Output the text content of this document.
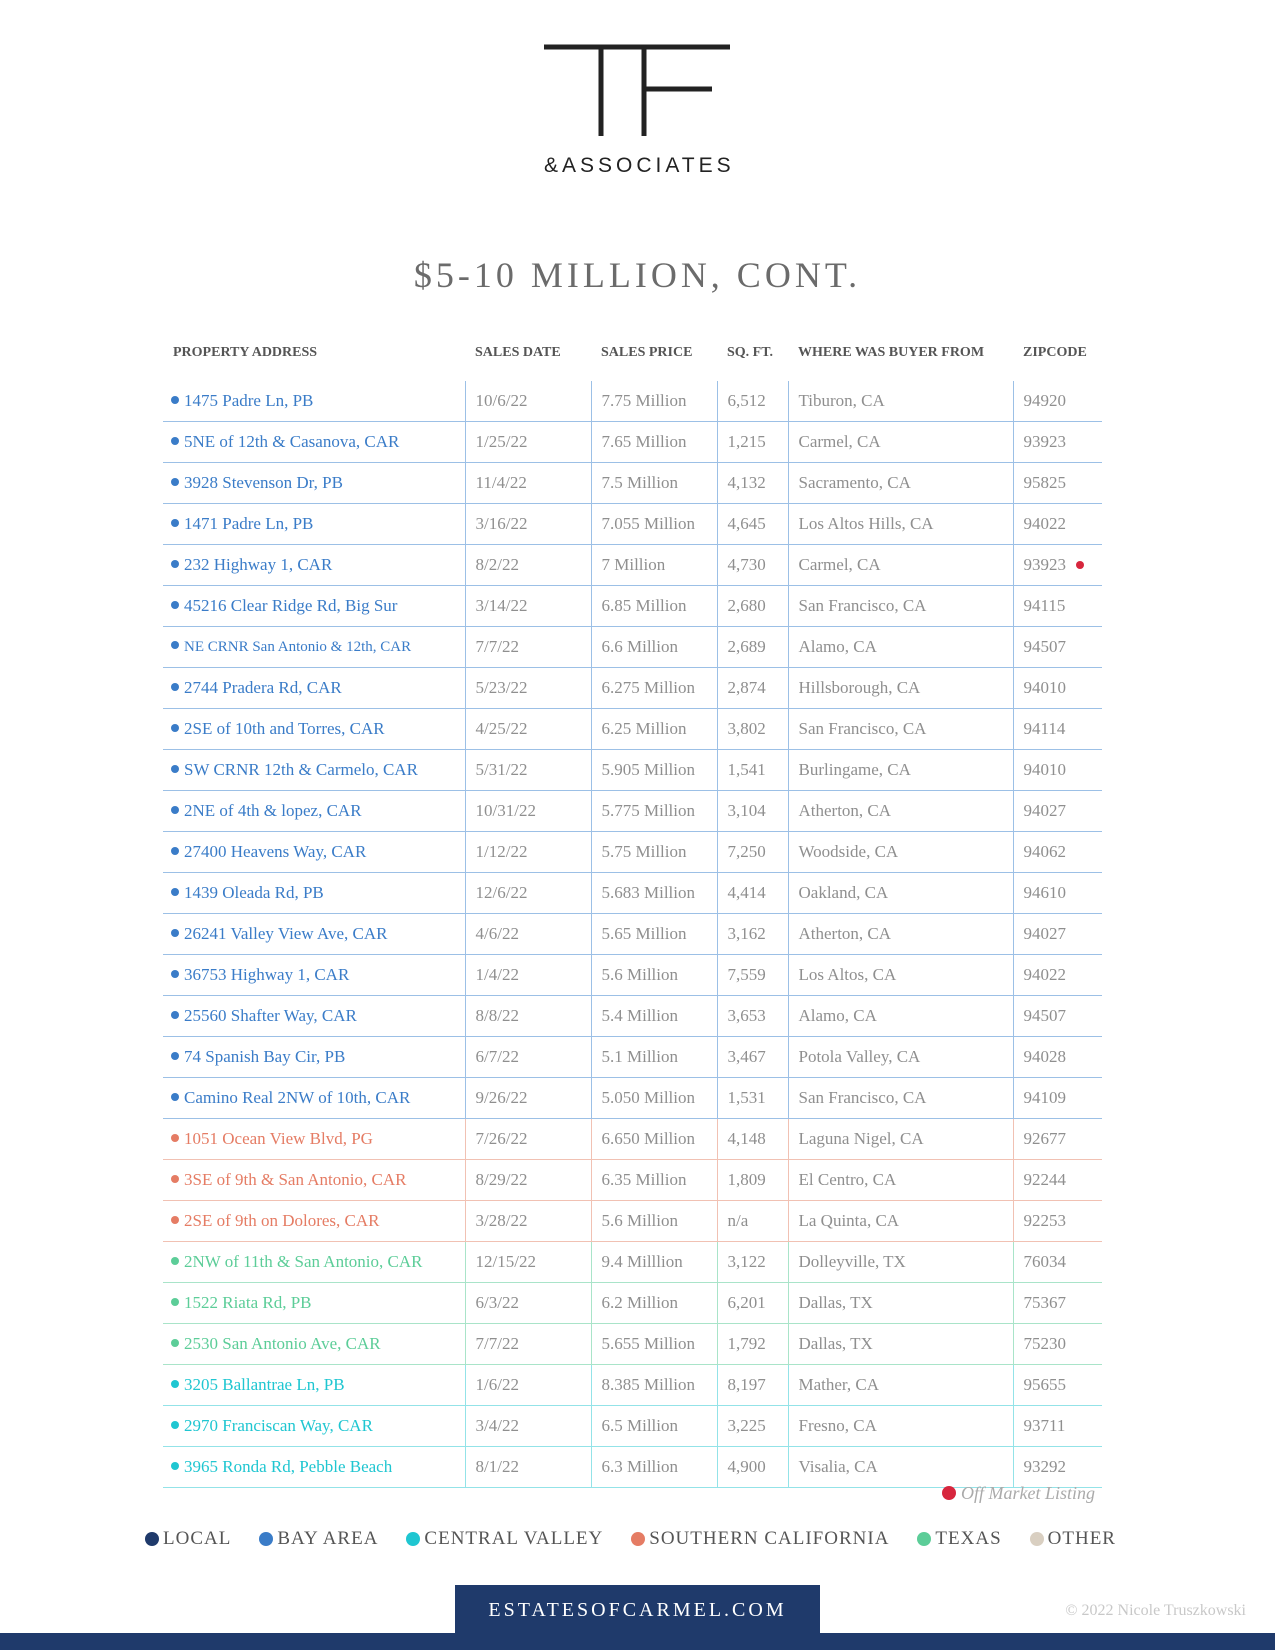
&ASSOCIATES
$5-10 MILLION, CONT.
PROPERTY ADDRESS	SALES DATE	SALES PRICE	SQ. FT.	WHERE WAS BUYER FROM	ZIPCODE
1475 Padre Ln, PB	10/6/22	7.75 Million	6,512	Tiburon, CA	94920
5NE of 12th & Casanova, CAR	1/25/22	7.65 Million	1,215	Carmel, CA	93923
3928 Stevenson Dr, PB	11/4/22	7.5 Million	4,132	Sacramento, CA	95825
1471 Padre Ln, PB	3/16/22	7.055 Million	4,645	Los Altos Hills, CA	94022
232 Highway 1, CAR	8/2/22	7 Million	4,730	Carmel, CA	93923
45216 Clear Ridge Rd, Big Sur	3/14/22	6.85 Million	2,680	San Francisco, CA	94115
NE CRNR San Antonio & 12th, CAR	7/7/22	6.6 Million	2,689	Alamo, CA	94507
2744 Pradera Rd, CAR	5/23/22	6.275 Million	2,874	Hillsborough, CA	94010
2SE of 10th and Torres, CAR	4/25/22	6.25 Million	3,802	San Francisco, CA	94114
SW CRNR 12th & Carmelo, CAR	5/31/22	5.905 Million	1,541	Burlingame, CA	94010
2NE of 4th & lopez, CAR	10/31/22	5.775 Million	3,104	Atherton, CA	94027
27400 Heavens Way, CAR	1/12/22	5.75 Million	7,250	Woodside, CA	94062
1439 Oleada Rd, PB	12/6/22	5.683 Million	4,414	Oakland, CA	94610
26241 Valley View Ave, CAR	4/6/22	5.65 Million	3,162	Atherton, CA	94027
36753 Highway 1, CAR	1/4/22	5.6 Million	7,559	Los Altos, CA	94022
25560 Shafter Way, CAR	8/8/22	5.4 Million	3,653	Alamo, CA	94507
74 Spanish Bay Cir, PB	6/7/22	5.1 Million	3,467	Potola Valley, CA	94028
Camino Real 2NW of 10th, CAR	9/26/22	5.050 Million	1,531	San Francisco, CA	94109
1051 Ocean View Blvd, PG	7/26/22	6.650 Million	4,148	Laguna Nigel, CA	92677
3SE of 9th & San Antonio, CAR	8/29/22	6.35 Million	1,809	El Centro, CA	92244
2SE of 9th on Dolores, CAR	3/28/22	5.6 Million	n/a	La Quinta, CA	92253
2NW of 11th & San Antonio, CAR	12/15/22	9.4 Milllion	3,122	Dolleyville, TX	76034
1522 Riata Rd, PB	6/3/22	6.2 Million	6,201	Dallas, TX	75367
2530 San Antonio Ave, CAR	7/7/22	5.655 Million	1,792	Dallas, TX	75230
3205 Ballantrae Ln, PB	1/6/22	8.385 Million	8,197	Mather, CA	95655
2970 Franciscan Way, CAR	3/4/22	6.5 Million	3,225	Fresno, CA	93711
3965 Ronda Rd, Pebble Beach	8/1/22	6.3 Million	4,900	Visalia, CA	93292
Off Market Listing
LOCAL BAY AREA CENTRAL VALLEY SOUTHERN CALIFORNIA TEXAS OTHER
ESTATESOFCARMEL.COM	© 2022 Nicole Truszkowski
